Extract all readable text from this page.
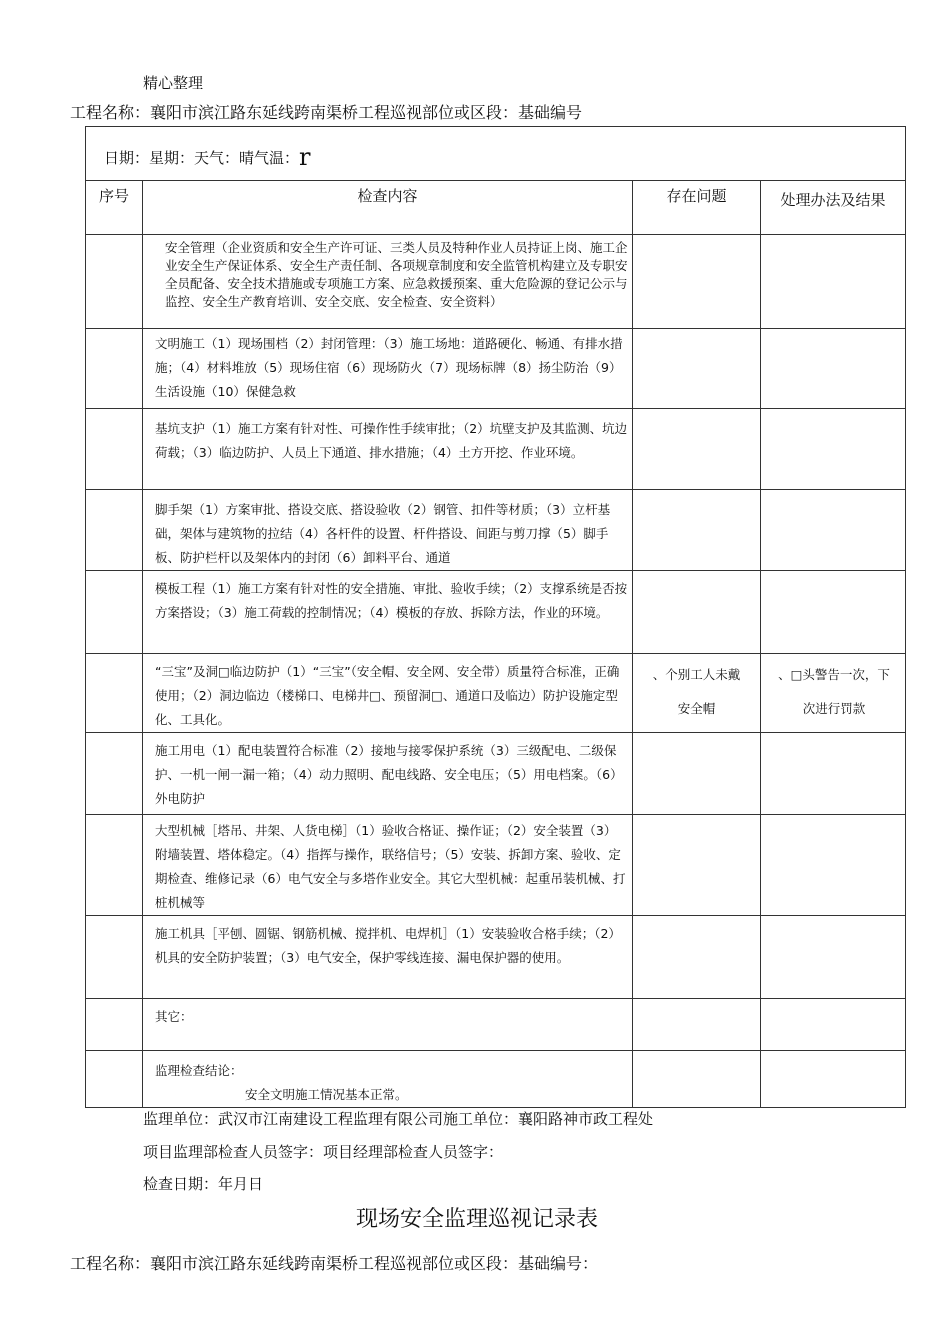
精心整理
工程名称：襄阳市滨江路东延线跨南渠桥工程巡视部位或区段：基础编号
日期：星期：天气：晴气温：r			

序号	检查内容	存在问题	处理办法及结果

	安全管理（企业资质和安全生产许可证、三类人员及特种作业人员持证上岗、施工企业安全生产保证体系、安全生产责任制、各项规章制度和安全监管机构建立及专职安全员配备、安全技术措施或专项施工方案、应急救援预案、重大危险源的登记公示与监控、安全生产教育培训、安全交底、安全检查、安全资料）		
	文明施工（1）现场围档（2）封闭管理：（3）施工场地：道路硬化、畅通、有排水措施；（4）材料堆放（5）现场住宿（6）现场防火（7）现场标牌（8）扬尘防治（9）生活设施（10）保健急救		
	基坑支护（1）施工方案有针对性、可操作性手续审批；（2）坑壁支护及其监测、坑边荷载；（3）临边防护、人员上下通道、排水措施；（4）土方开挖、作业环境。		
	脚手架（1）方案审批、搭设交底、搭设验收（2）钢管、扣件等材质；（3）立杆基础，架体与建筑物的拉结（4）各杆件的设置、杆件搭设、间距与剪刀撑（5）脚手板、防护栏杆以及架体内的封闭（6）卸料平台、通道		
	模板工程（1）施工方案有针对性的安全措施、审批、验收手续；（2）支撑系统是否按方案搭设；（3）施工荷载的控制情况；（4）模板的存放、拆除方法，作业的环境。		
	“三宝”及洞□临边防护（1）“三宝”（安全帽、安全网、安全带）质量符合标准，正确使用；（2）洞边临边（楼梯口、电梯井□、预留洞□、通道口及临边）防护设施定型化、工具化。	、个别工人未戴安全帽	、□头警告一次，下次进行罚款
	施工用电（1）配电装置符合标准（2）接地与接零保护系统（3）三级配电、二级保护、一机一闸一漏一箱；（4）动力照明、配电线路、安全电压；（5）用电档案。（6）外电防护		
	大型机械［塔吊、井架、人货电梯］（1）验收合格证、操作证；（2）安全装置（3）附墙装置、塔体稳定。（4）指挥与操作，联络信号；（5）安装、拆卸方案、验收、定期检查、维修记录（6）电气安全与多塔作业安全。其它大型机械：起重吊装机械、打桩机械等		
	施工机具［平刨、圆锯、钢筋机械、搅拌机、电焊机］（1）安装验收合格手续；（2）机具的安全防护装置；（3）电气安全，保护零线连接、漏电保护器的使用。		
	其它：		

	监理检查结论：
安全文明施工情况基本正常。		

监理单位：武汉市江南建设工程监理有限公司施工单位：襄阳路神市政工程处
项目监理部检查人员签字：项目经理部检查人员签字：
检查日期：年月日
现场安全监理巡视记录表
工程名称：襄阳市滨江路东延线跨南渠桥工程巡视部位或区段：基础编号：
